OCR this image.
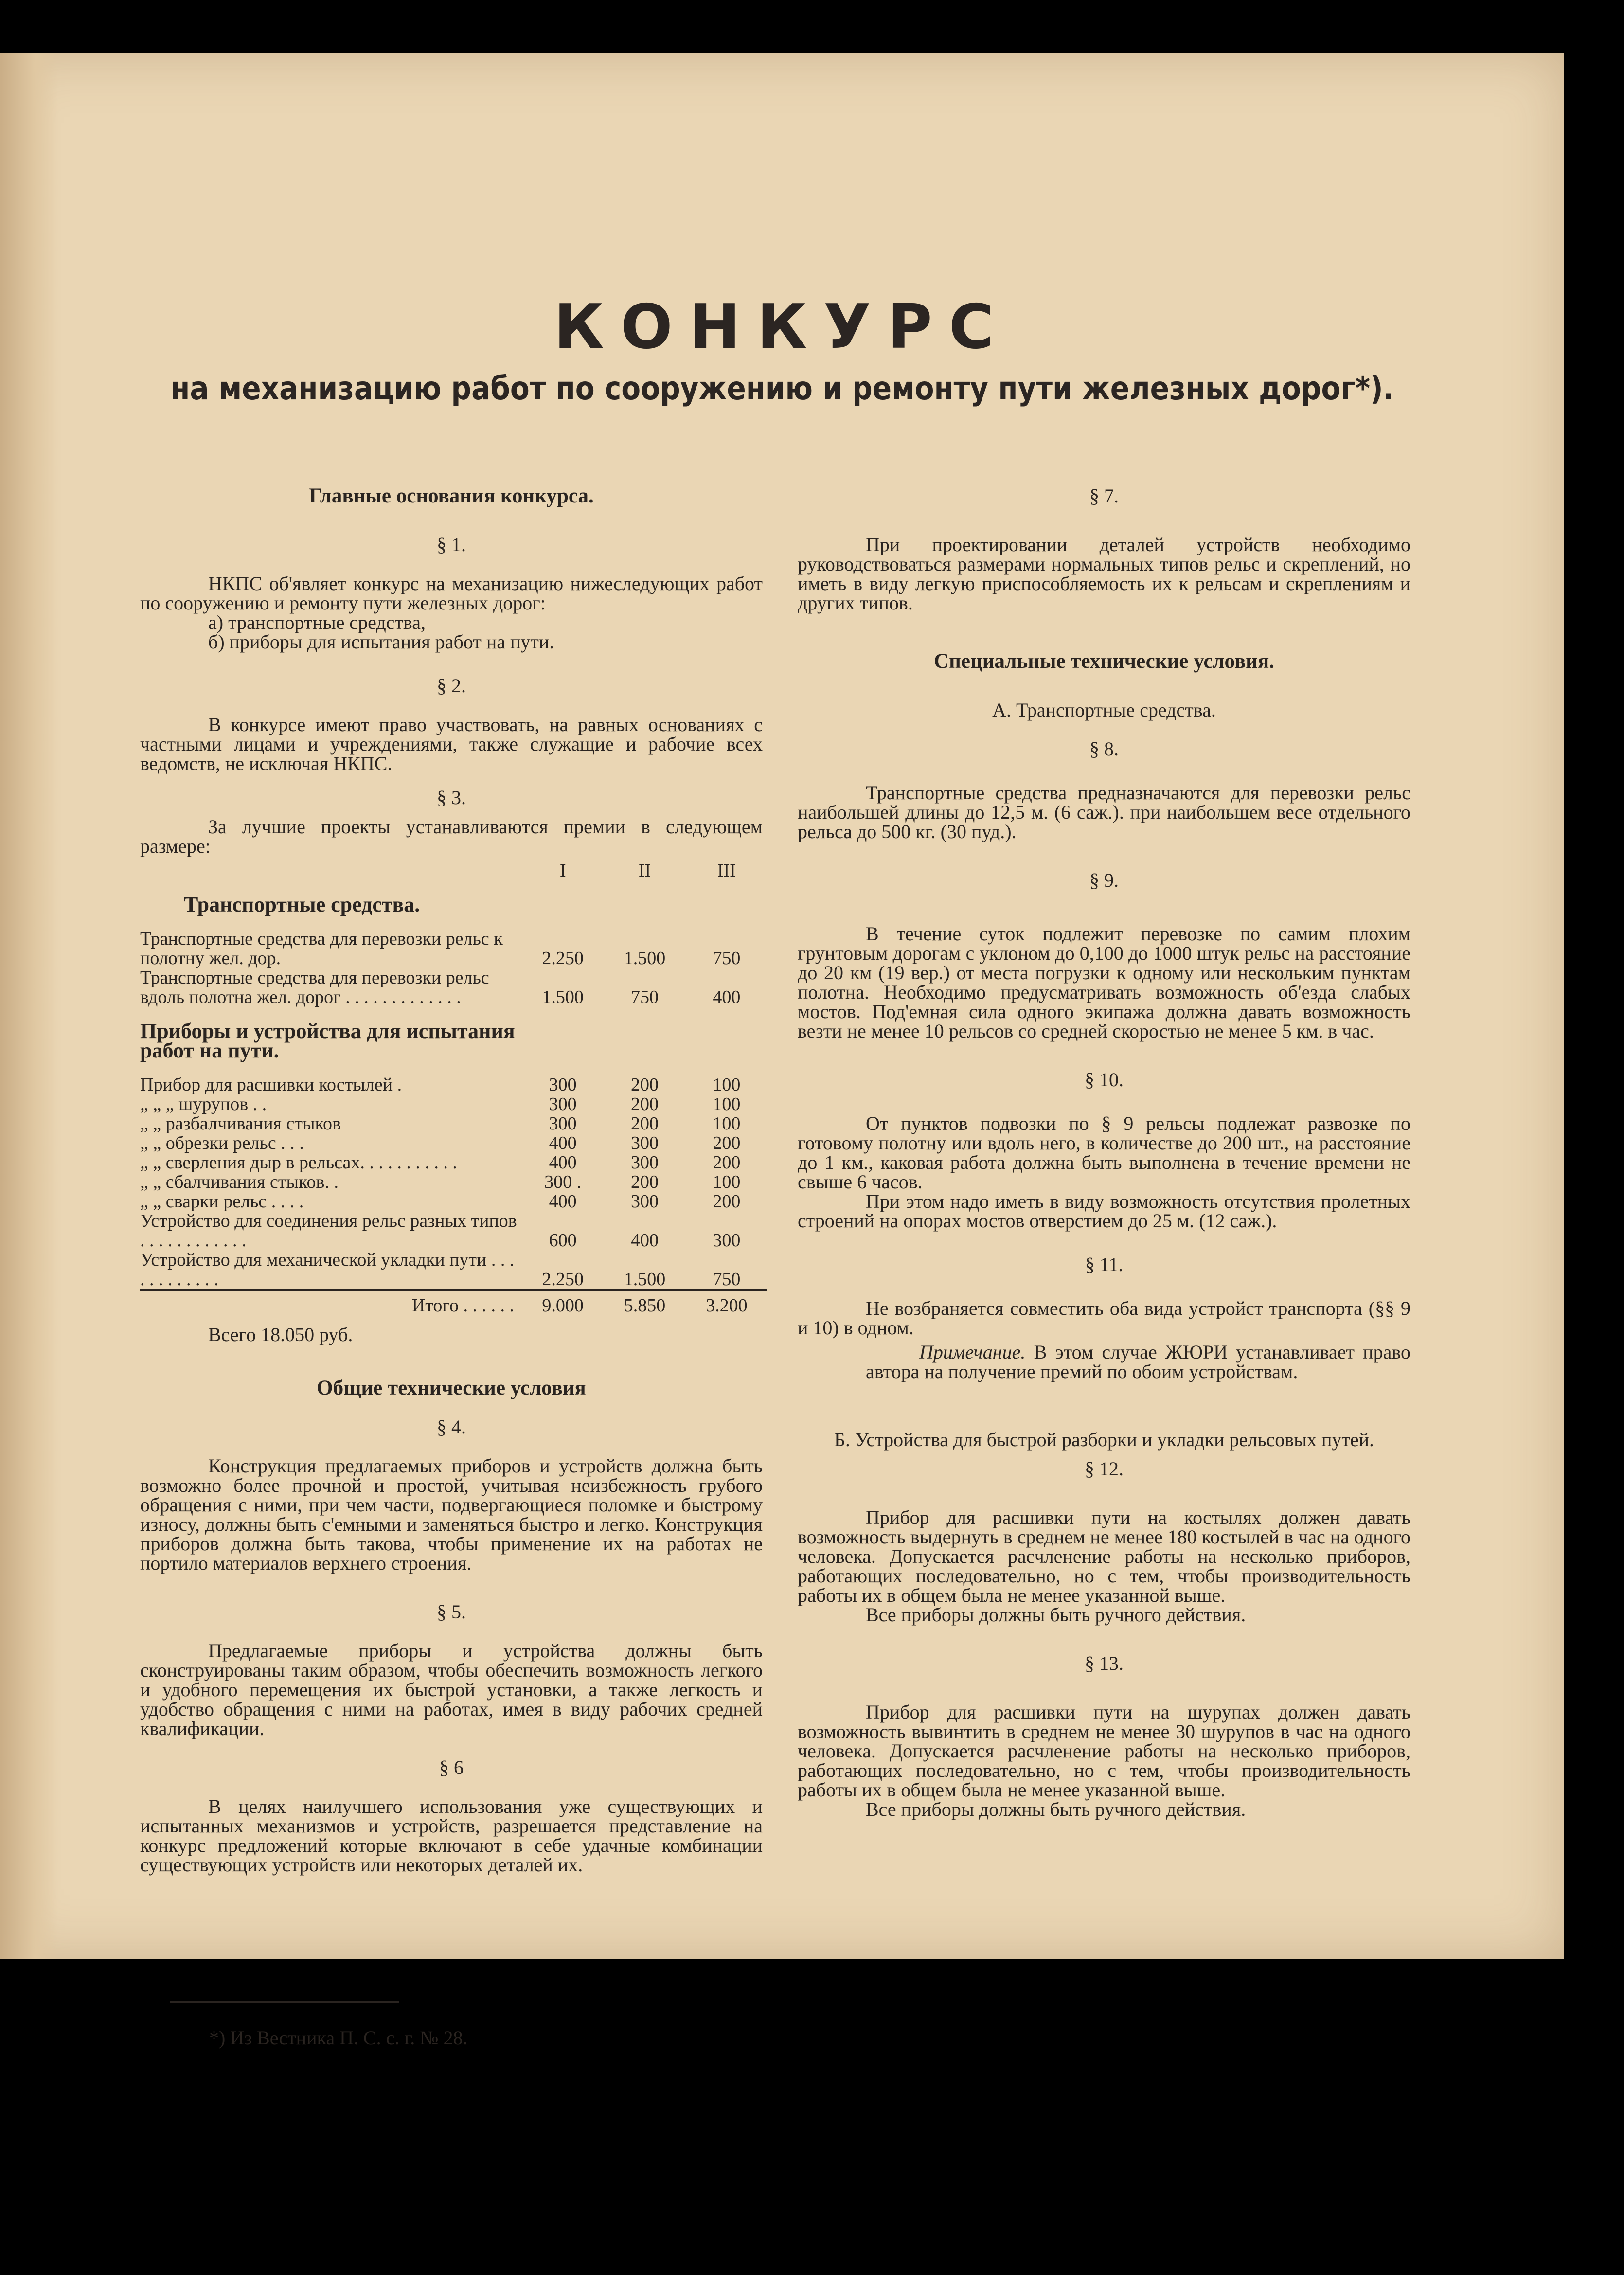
КОНКУРС
на механизацию работ по сооружению и ремонту пути железных дорог*).
Главные основания конкурса.
§ 1.
НКПС об'являет конкурс на механизацию нижеследующих работ по сооружению и ремонту пути железных дорог:
а) транспортные средства,
б) приборы для испытания работ на пути.
§ 2.
В конкурсе имеют право участвовать, на равных основаниях с частными лицами и учреждениями, также служащие и рабочие всех ведомств, не исключая НКПС.
§ 3.
За лучшие проекты устанавливаются премии в следующем размере:
	I	II	III
Транспортные средства.			
Транспортные средства для перевозки рельс к полотну жел. дор.	2.250	1.500	750
Транспортные средства для перевозки рельс вдоль полотна жел. дорог . . . . . . . . . . . . .	1.500	750	400
Приборы и устройства для испытания работ на пути.			
Прибор для расшивки костылей .	300	200	100
„ „ „ шурупов . .	300	200	100
„ „ разбалчивания стыков	300	200	100
„ „ обрезки рельс . . .	400	300	200
„ „ сверления дыр в рельсах. . . . . . . . . . .	400	300	200
„ „ сбалчивания стыков. .	300 .	200	100
„ „ сварки рельс . . . .	400	300	200
Устройство для соединения рельс разных типов . . . . . . . . . . . .	600	400	300
Устройство для механической укладки пути . . . . . . . . . . . .	2.250	1.500	750
Итого . . . . . .	9.000	5.850	3.200
Всего 18.050 руб.
Общие технические условия
§ 4.
Конструкция предлагаемых приборов и устройств должна быть возможно более прочной и простой, учитывая неизбежность грубого обращения с ними, при чем части, подвергающиеся поломке и быстрому износу, должны быть с'емными и заменяться быстро и легко. Конструкция приборов должна быть такова, чтобы применение их на работах не портило материалов верхнего строения.
§ 5.
Предлагаемые приборы и устройства должны быть сконструированы таким образом, чтобы обеспечить возможность легкого и удобного перемещения их быстрой установки, а также легкость и удобство обращения с ними на работах, имея в виду рабочих средней квалификации.
§ 6
В целях наилучшего использования уже существующих и испытанных механизмов и устройств, разрешается представление на конкурс предложений которые включают в себе удачные комбинации существующих устройств или некоторых деталей их.
§ 7.
При проектировании деталей устройств необходимо руководствоваться размерами нормальных типов рельс и скреплений, но иметь в виду легкую приспособляемость их к рельсам и скреплениям и других типов.
Специальные технические условия.
А. Транспортные средства.
§ 8.
Транспортные средства предназначаются для перевозки рельс наибольшей длины до 12,5 м. (6 саж.). при наибольшем весе отдельного рельса до 500 кг. (30 пуд.).
§ 9.
В течение суток подлежит перевозке по самим плохим грунтовым дорогам с уклоном до 0,100 до 1000 штук рельс на расстояние до 20 км (19 вер.) от места погрузки к одному или нескольким пунктам полотна. Необходимо предусматривать возможность об'езда слабых мостов. Под'емная сила одного экипажа должна давать возможность везти не менее 10 рельсов со средней скоростью не менее 5 км. в час.
§ 10.
От пунктов подвозки по § 9 рельсы подлежат развозке по готовому полотну или вдоль него, в количестве до 200 шт., на расстояние до 1 км., каковая работа должна быть выполнена в течение времени не свыше 6 часов.
При этом надо иметь в виду возможность отсутствия пролетных строений на опорах мостов отверстием до 25 м. (12 саж.).
§ 11.
Не возбраняется совместить оба вида устройст транспорта (§§ 9 и 10) в одном.
Примечание. В этом случае ЖЮРИ устанавливает право автора на получение премий по обоим устройствам.
Б. Устройства для быстрой разборки и укладки рельсовых путей.
§ 12.
Прибор для расшивки пути на костылях должен давать возможность выдернуть в среднем не менее 180 костылей в час на одного человека. Допускается расчленение работы на несколько приборов, работающих последовательно, но с тем, чтобы производительность работы их в общем была не менее указанной выше.
Все приборы должны быть ручного действия.
§ 13.
Прибор для расшивки пути на шурупах должен давать возможность вывинтить в среднем не менее 30 шурупов в час на одного человека. Допускается расчленение работы на несколько приборов, работающих последовательно, но с тем, чтобы производительность работы их в общем была не менее указанной выше.
Все приборы должны быть ручного действия.
*) Из Вестника П. С. с. г. № 28.
